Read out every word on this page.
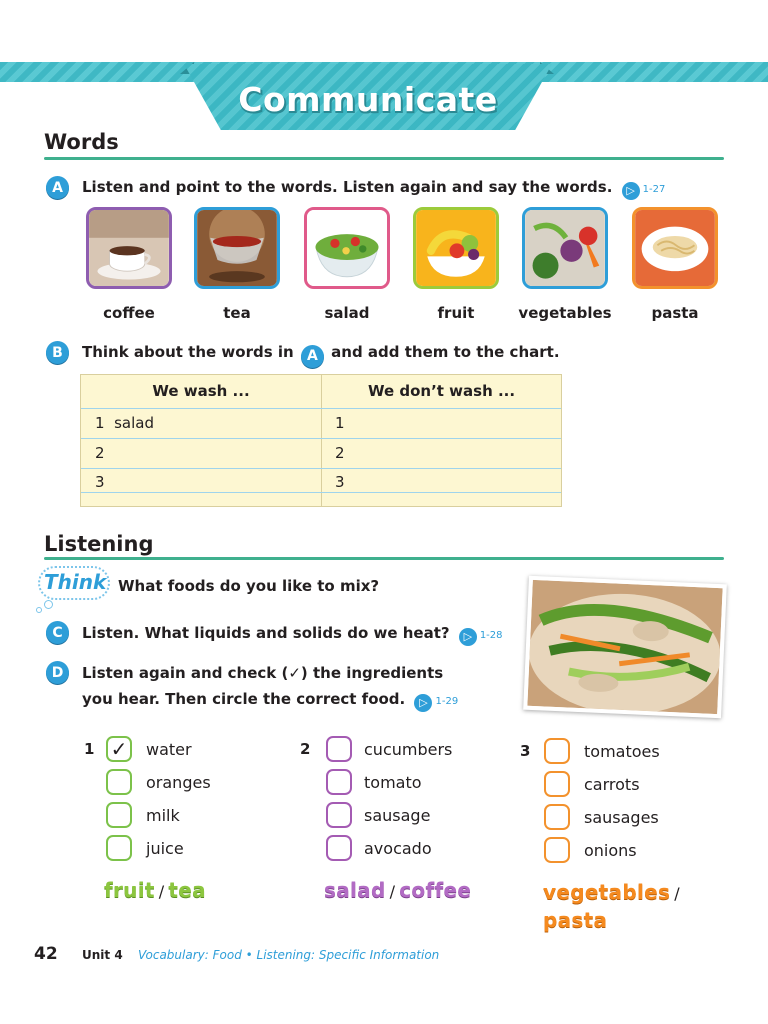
Communicate
Words
A	Listen and point to the words. Listen again and say the words. ▷ 1-27
coffee	tea	salad	fruit	vegetables	pasta
B	Think about the words in A and add them to the chart.
We wash ...	We don’t wash ...
1  salad	1
2	2
3	3
Listening
Think What foods do you like to mix?
C	Listen. What liquids and solids do we heat? ▷ 1-28
D	Listen again and check (✓) the ingredients
you hear. Then circle the correct food. ▷ 1-29
1 ✓ water
oranges
milk
juice
fruit / tea
2	cucumbers
tomato
sausage
avocado
salad / coffee
3	tomatoes
carrots
sausages
onions
vegetables /
pasta
42 Unit 4 Vocabulary: Food • Listening: Specific Information
